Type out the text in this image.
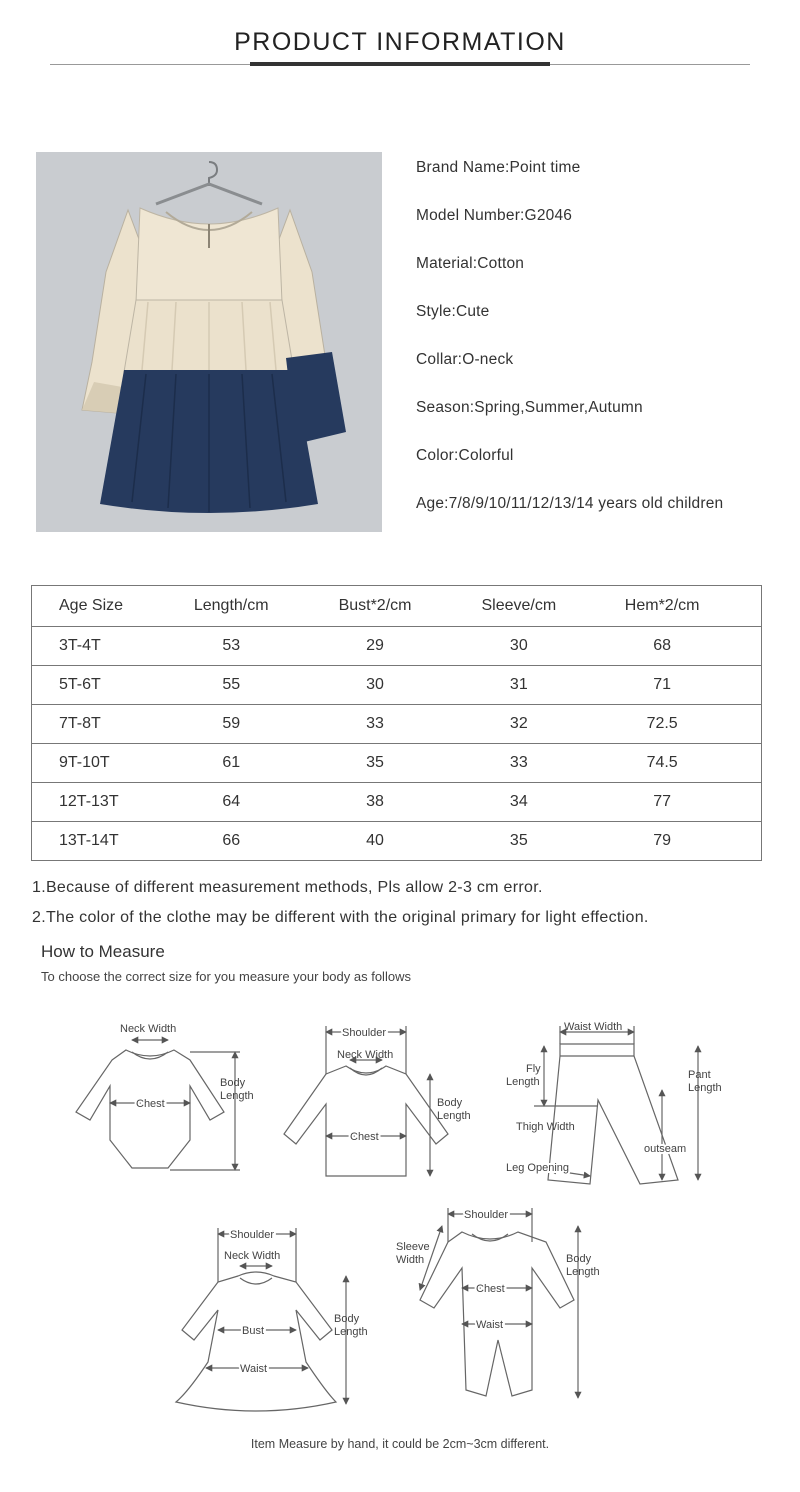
PRODUCT INFORMATION
Brand Name:Point time
Model Number:G2046
Material:Cotton
Style:Cute
Collar:O-neck
Season:Spring,Summer,Autumn
Color:Colorful
Age:7/8/9/10/11/12/13/14 years old children
Age Size	Length/cm	Bust*2/cm	Sleeve/cm	Hem*2/cm	
3T-4T	53	29	30	68	
5T-6T	55	30	31	71	
7T-8T	59	33	32	72.5	
9T-10T	61	35	33	74.5	
12T-13T	64	38	34	77	
13T-14T	66	40	35	79	
1.Because of different measurement methods, Pls allow 2-3 cm error.
2.The color of the clothe may be different with the original primary for light effection.
How to Measure
To choose the correct size for you measure your body as follows
Neck Width
Chest
Body
Length
Shoulder
Neck Width
Chest
Body
Length
Waist Width
Fly
Length
Pant
Length
Thigh Width
outseam
Leg Opening
Shoulder
Neck Width
Bust
Waist
Body
Length
Shoulder
Sleeve
Width
Chest
Waist
Body
Length
Item Measure by hand, it could be 2cm~3cm different.
